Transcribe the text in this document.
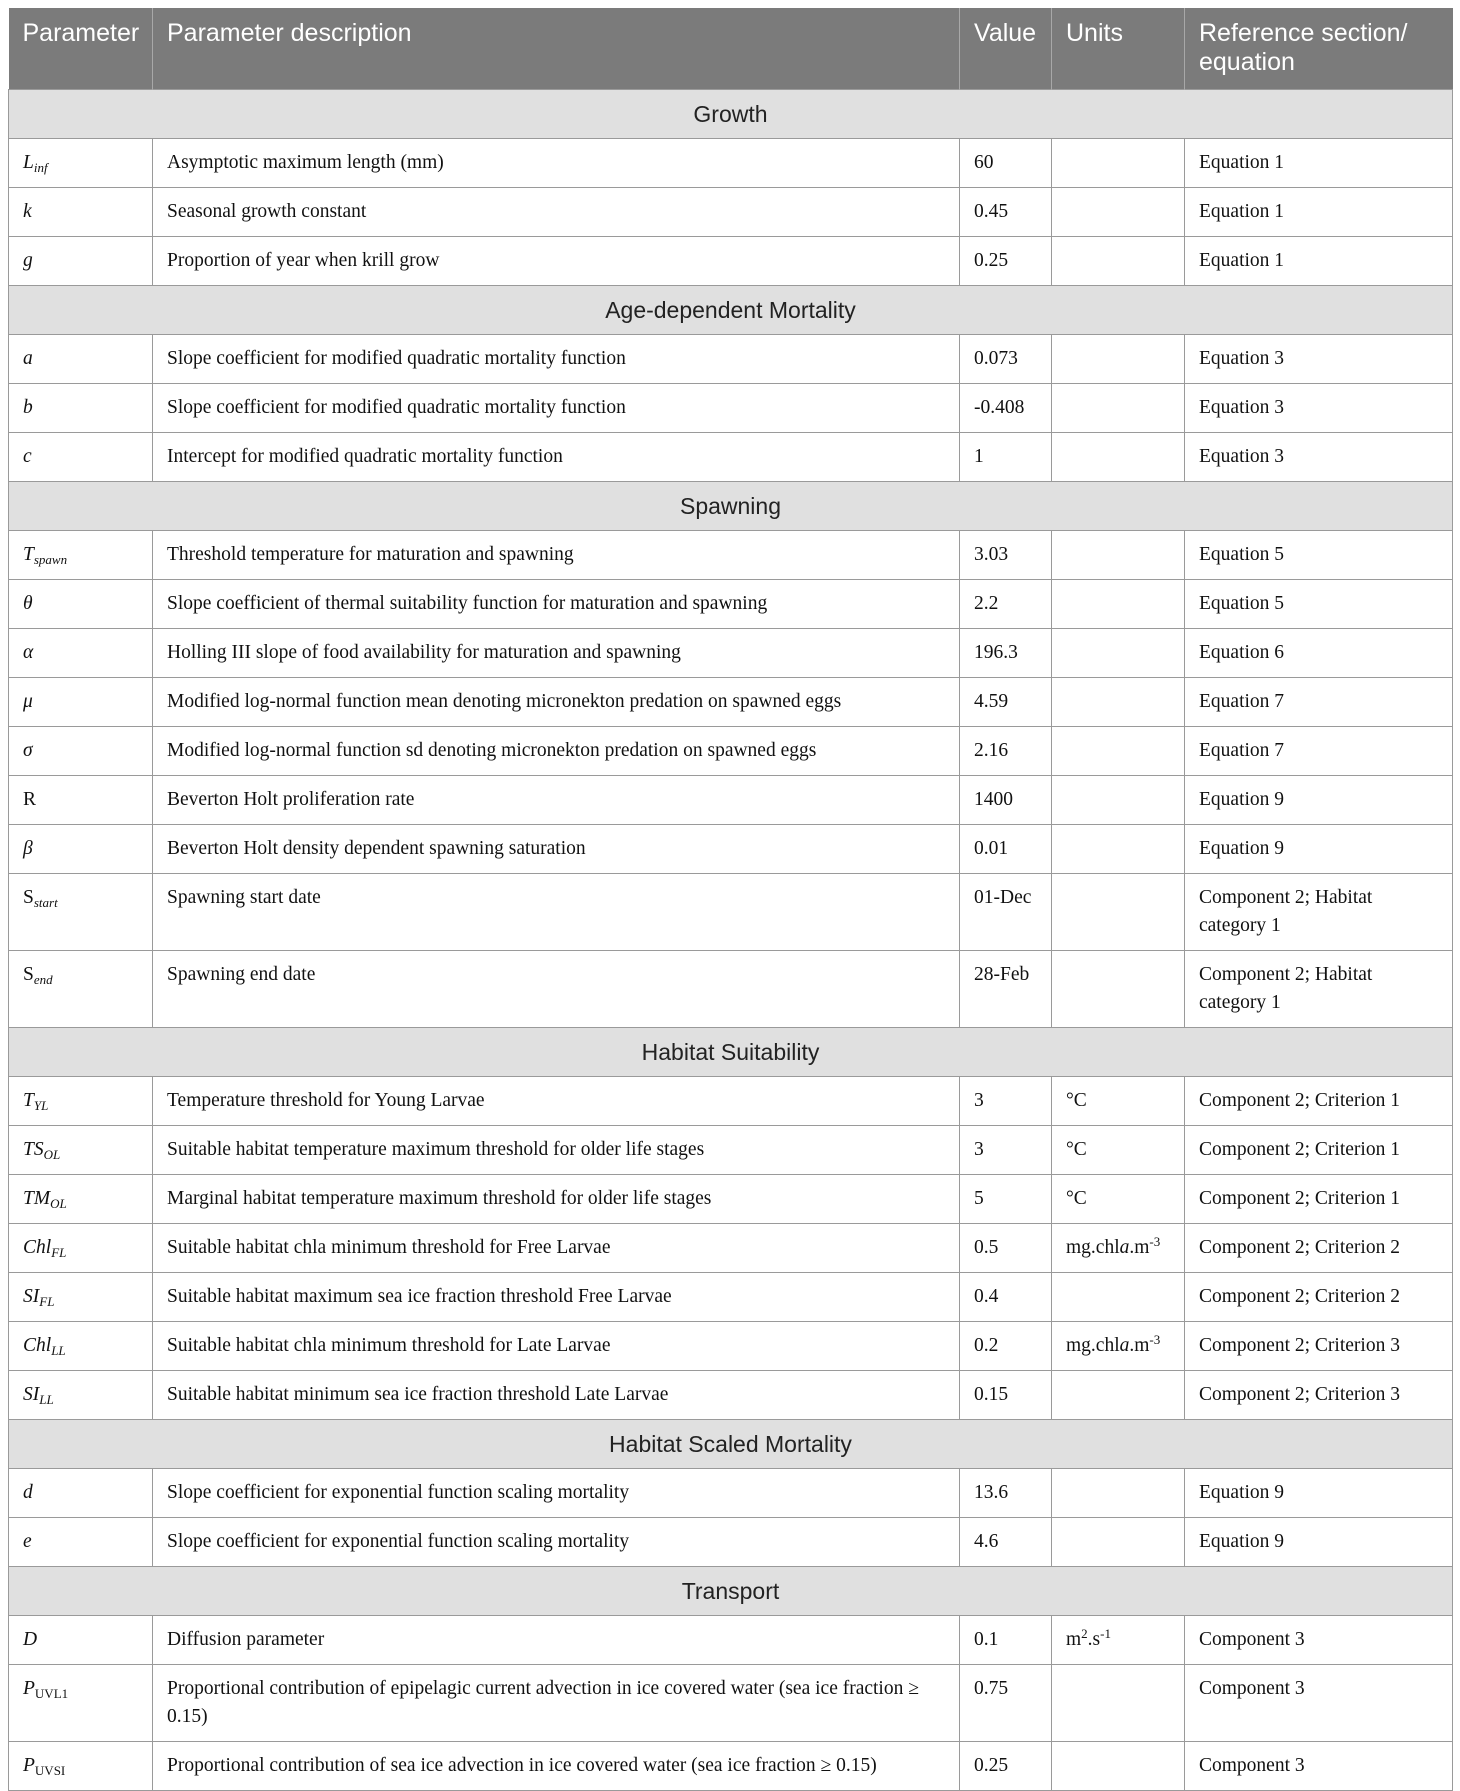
Parameter	Parameter description	Value	Units	Reference section/ equation
Growth				
$L_{inf}$	Asymptotic maximum length (mm)	60		Equation 1
k	Seasonal growth constant	0.45		Equation 1
g	Proportion of year when krill grow	0.25		Equation 1
Age-dependent Mortality				
a	Slope coefficient for modified quadratic mortality function	0.073		Equation 3
b	Slope coefficient for modified quadratic mortality function	-0.408		Equation 3
c	Intercept for modified quadratic mortality function	1		Equation 3
Spawning				
$T_{spawn}$	Threshold temperature for maturation and spawning	3.03		Equation 5
θ	Slope coefficient of thermal suitability function for maturation and spawning	2.2		Equation 5
α	Holling III slope of food availability for maturation and spawning	196.3		Equation 6
μ	Modified log-normal function mean denoting micronekton predation on spawned eggs	4.59		Equation 7
σ	Modified log-normal function sd denoting micronekton predation on spawned eggs	2.16		Equation 7
R	Beverton Holt proliferation rate	1400		Equation 9
β	Beverton Holt density dependent spawning saturation	0.01		Equation 9
$S_{start}$	Spawning start date	01-Dec		Component 2; Habitat category 1
$S_{end}$	Spawning end date	28-Feb		Component 2; Habitat category 1
Habitat Suitability				
$T_{YL}$	Temperature threshold for Young Larvae	3	°C	Component 2; Criterion 1
$TS_{OL}$	Suitable habitat temperature maximum threshold for older life stages	3	°C	Component 2; Criterion 1
$TM_{OL}$	Marginal habitat temperature maximum threshold for older life stages	5	°C	Component 2; Criterion 1
Chl$_{FL}$	Suitable habitat chla minimum threshold for Free Larvae	0.5	$mg.chla.m^{-3}$	Component 2; Criterion 2
$SI_{FL}$	Suitable habitat maximum sea ice fraction threshold Free Larvae	0.4		Component 2; Criterion 2
Chl$_{LL}$	Suitable habitat chla minimum threshold for Late Larvae	0.2	$mg.chla.m^{-3}$	Component 2; Criterion 3
$SI_{LL}$	Suitable habitat minimum sea ice fraction threshold Late Larvae	0.15		Component 2; Criterion 3
Habitat Scaled Mortality				
d	Slope coefficient for exponential function scaling mortality	13.6		Equation 9
e	Slope coefficient for exponential function scaling mortality	4.6		Equation 9
Transport				
D	Diffusion parameter	0.1	$m^2.s^{-1}$	Component 3
$P_{UVL1}$	Proportional contribution of epipelagic current advection in ice covered water (sea ice fraction ≥ 0.15)	0.75		Component 3
$P_{UVSI}$	Proportional contribution of sea ice advection in ice covered water (sea ice fraction ≥ 0.15)	0.25		Component 3
